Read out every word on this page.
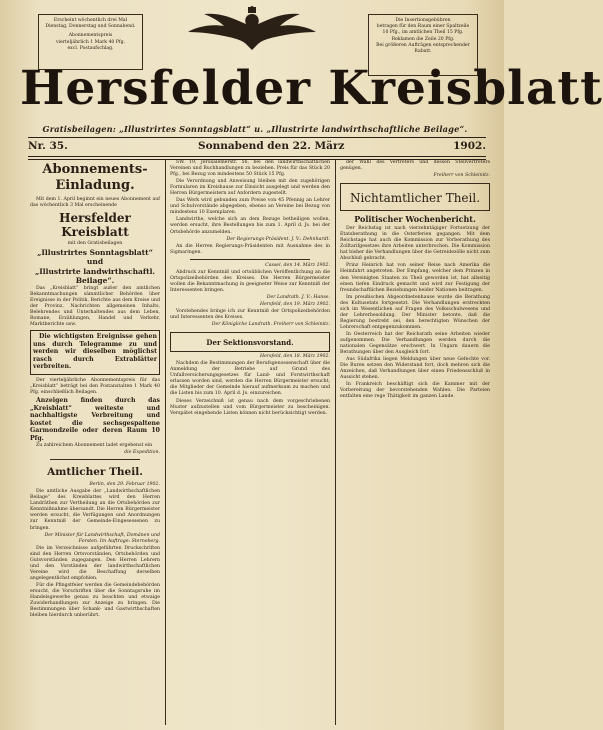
Erscheint wöchentlich drei Mal

Dienstag, Donnerstag und Sonnabend.

Abonnementspreis

vierteljährlich 1 Mark 40 Pfg.

excl. Postaufschlag.

Die Insertionsgebühren

betragen für den Raum einer Spaltzeile

10 Pfg., im amtlichen Theil 15 Pfg.

Reklamen die Zeile 20 Pfg.

Bei größeren Aufträgen entsprechender

Rabatt.

Hersfelder Kreisblatt
Gratisbeilagen: „Illustrirtes Sonntagsblatt“ u. „Illustrirte landwirthschaftliche Beilage“.
Nr. 35.	Sonnabend den 22. März	1902.
Abonnements-Einladung.

Mit dem 1. April beginnt ein neues Abonnement auf das wöchentlich 3 Mal erscheinende

Hersfelder Kreisblatt

mit den Gratisbeilagen

„Illustrirtes Sonntagsblatt“ und
„Illustrirte landwirthschaftl. Beilage“.

Das „Kreisblatt“ bringt außer den amtlichen Bekanntmachungen sämmtlicher Behörden über Ereignisse in der Politik, Berichte aus dem Kreise und der Provinz, Nachrichten allgemeinen Inhalts, Belehrendes und Unterhaltendes aus dem Leben, Romane, Erzählungen, Handel und Verkehr, Marktberichte usw.

Die wichtigsten Ereignisse gehen uns durch Telegramme zu und werden wir dieselben möglichst rasch durch Extrablätter verbreiten.

Der vierteljährliche Abonnementspreis für das „Kreisblatt“ beträgt bei den Postanstalten 1 Mark 40 Pfg. einschließlich Beilagen.

Anzeigen finden durch das „Kreisblatt“ weiteste und nachhaltigste Verbreitung und kostet die sechsgespaltene Garmondzeile oder deren Raum 10 Pfg.

Zu zahlreichem Abonnement ladet ergebenst ein

die Expedition.

Amtlicher Theil.

Berlin, den 29. Februar 1902.

Die amtliche Ausgabe der „Landwirthschaftlichen Beilage“ des Kreisblattes wird den Herren Landräthen zur Vertheilung an die Ortsbehörden zur Kenntnißnahme übersandt. Die Herren Bürgermeister werden ersucht, die Verfügungen und Anordnungen zur Kenntniß der Gemeinde-Eingesessenen zu bringen.

Der Minister für Landwirthschaft, Domänen und Forsten. Im Auftrage: Sterneberg.

Die im Verzeichnisse aufgeführten Druckschriften sind den Herren Ortsvorständen, Ortsbehörden und Gutsvorständen zugegangen. Den Herren Lehrern und den Vorständen der landwirthschaftlichen Vereine wird die Beschaffung derselben angelegentlichst empfohlen.

Für die Pfingstfeier werden die Gemeindebehörden ersucht, die Vorschriften über die Sonntagsruhe im Handelsgewerbe genau zu beachten und etwaige Zuwiderhandlungen zur Anzeige zu bringen. Die Bestimmungen über Schank- und Gastwirthschaften bleiben hierdurch unberührt.

SW. 19, Jerusalemerstr. 56, bei den landwirthschaftlichen Vereinen und Buchhandlungen zu beziehen. Preis für das Stück 20 Pfg., bei Bezug von mindestens 50 Stück 15 Pfg.

Die Verordnung und Anweisung bleiben mit den zugehörigen Formularen im Kreishause zur Einsicht ausgelegt und werden den Herren Bürgermeistern auf Anfordern zugestellt.

Das Werk wird gebunden zum Preise von 45 Pfennig an Lehrer und Schulvorstände abgegeben, ebenso an Vereine bei Bezug von mindestens 10 Exemplaren.

Landwirthe, welche sich an dem Bezuge betheiligen wollen, werden ersucht, ihre Bestellungen bis zum 1. April d. Js. bei der Ortsbehörde anzumelden.

Der Regierungs-Präsident. J. V.: Dehnhardt.

An die Herren Regierungs-Präsidenten mit Ausnahme des in Sigmaringen.

Cassel, den 14. März 1902.

Abdruck zur Kenntniß und ortsüblichen Veröffentlichung an die Ortspolizeibehörden des Kreises. Die Herren Bürgermeister wollen die Bekanntmachung in geeigneter Weise zur Kenntniß der Interessenten bringen.

Der Landrath. J. V.: Hanse.

Hersfeld, den 19. März 1902.

Vorstehendes bringe ich zur Kenntniß der Ortspolizeibehörden und Interessenten des Kreises.

Der Königliche Landrath. Freiherr von Schleinitz.

Der Sektionsvorstand.

Hersfeld, den 18. März 1902.

Nachdem die Bestimmungen der Berufsgenossenschaft über die Anmeldung der Betriebe auf Grund des Unfallversicherungsgesetzes für Land- und Forstwirthschaft erlassen worden sind, werden die Herren Bürgermeister ersucht, die Mitglieder der Gemeinde hierauf aufmerksam zu machen und die Listen bis zum 10. April d. Js. einzureichen.

Dieses Verzeichniß ist genau nach dem vorgeschriebenen Muster aufzustellen und vom Bürgermeister zu bescheinigen. Verspätet eingehende Listen können nicht berücksichtigt werden.

der Wahl des Vertreters und dessen Stellvertreters genügen.

Freiherr von Schleinitz.

Nichtamtlicher Theil.
Politischer Wochenbericht.

Der Reichstag ist nach vierzehntägiger Fortsetzung der Etatsberathung in die Osterferien gegangen. Mit dem Reichstage hat auch die Kommission zur Vorberathung des Zolltarifgesetzes ihre Arbeiten unterbrochen. Die Kommission hat bisher die Verhandlungen über die Getreidezölle nicht zum Abschluß gebracht.

Prinz Heinrich hat von seiner Reise nach Amerika die Heimfahrt angetreten. Der Empfang, welcher dem Prinzen in den Vereinigten Staaten zu Theil geworden ist, hat allseitig einen tiefen Eindruck gemacht und wird zur Festigung der freundschaftlichen Beziehungen beider Nationen beitragen.

Im preußischen Abgeordnetenhause wurde die Berathung des Kultusetats fortgesetzt. Die Verhandlungen erstreckten sich im Wesentlichen auf Fragen des Volksschulwesens und der Lehrerbesoldung. Der Minister betonte, daß die Regierung bestrebt sei, den berechtigten Wünschen der Lehrerschaft entgegenzukommen.

In Oesterreich hat der Reichsrath seine Arbeiten wieder aufgenommen. Die Verhandlungen werden durch die nationalen Gegensätze erschwert. In Ungarn dauern die Berathungen über den Ausgleich fort.

Aus Südafrika liegen Meldungen über neue Gefechte vor. Die Buren setzen den Widerstand fort, doch mehren sich die Anzeichen, daß Verhandlungen über einen Friedensschluß in Aussicht stehen.

In Frankreich beschäftigt sich die Kammer mit der Vorbereitung der bevorstehenden Wahlen. Die Parteien entfalten eine rege Thätigkeit im ganzen Lande.
